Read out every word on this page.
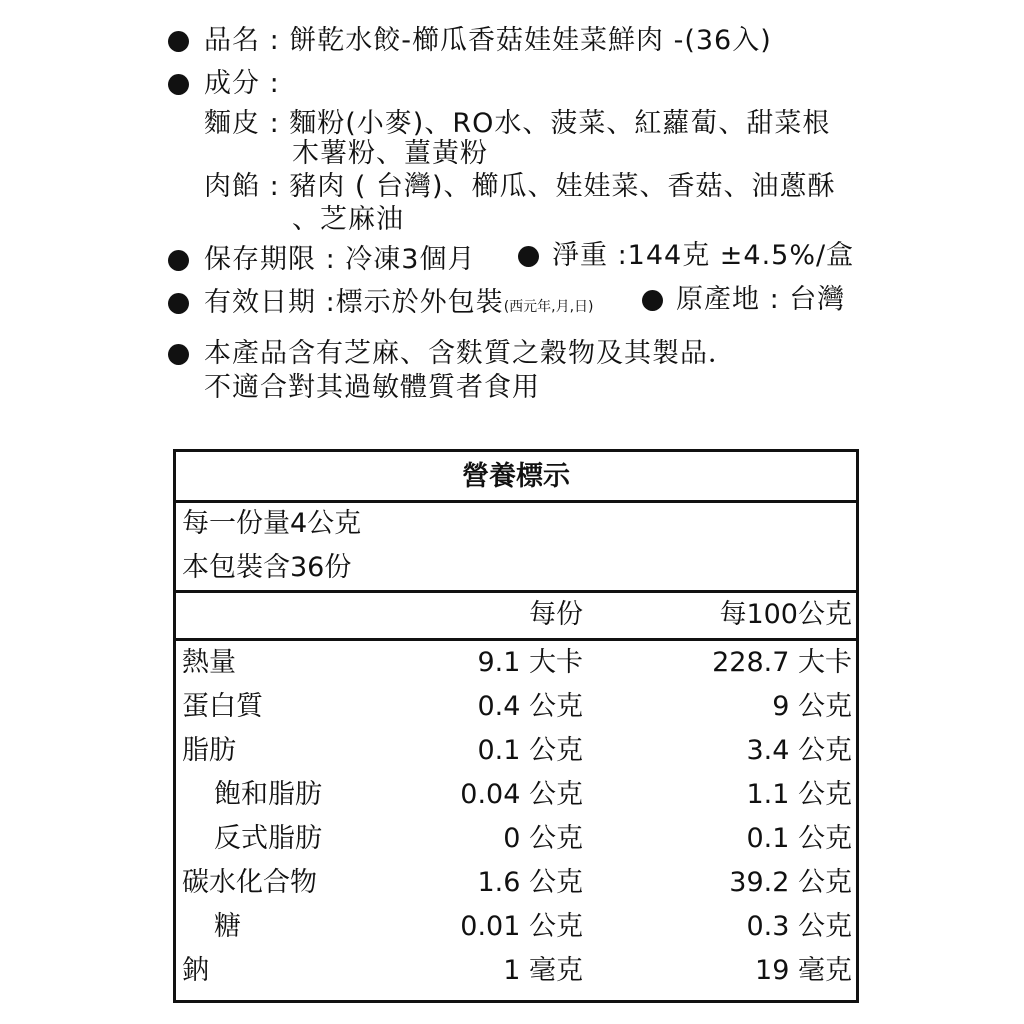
品名 : 餅乾水餃-櫛瓜香菇娃娃菜鮮肉 -(36入)
成分 :
麵皮 : 麵粉(小麥)、RO水、菠菜、紅蘿蔔、甜菜根
木薯粉、薑黃粉
肉餡 : 豬肉 ( 台灣)、櫛瓜、娃娃菜、香菇、油蔥酥
、芝麻油
保存期限 : 冷凍3個月	淨重 :144克 ±4.5%/盒
有效日期 :標示於外包裝(西元年,月,日)	原產地 : 台灣
本產品含有芝麻、含麩質之穀物及其製品．
不適合對其過敏體質者食用
營養標示
每一份量4公克
本包裝含36份
每份	每100公克
熱量	9.1 大卡	228.7 大卡
蛋白質	0.4 公克	9 公克
脂肪	0.1 公克	3.4 公克
飽和脂肪	0.04 公克	1.1 公克
反式脂肪	0 公克	0.1 公克
碳水化合物	1.6 公克	39.2 公克
糖	0.01 公克	0.3 公克
鈉	1 毫克	19 毫克
